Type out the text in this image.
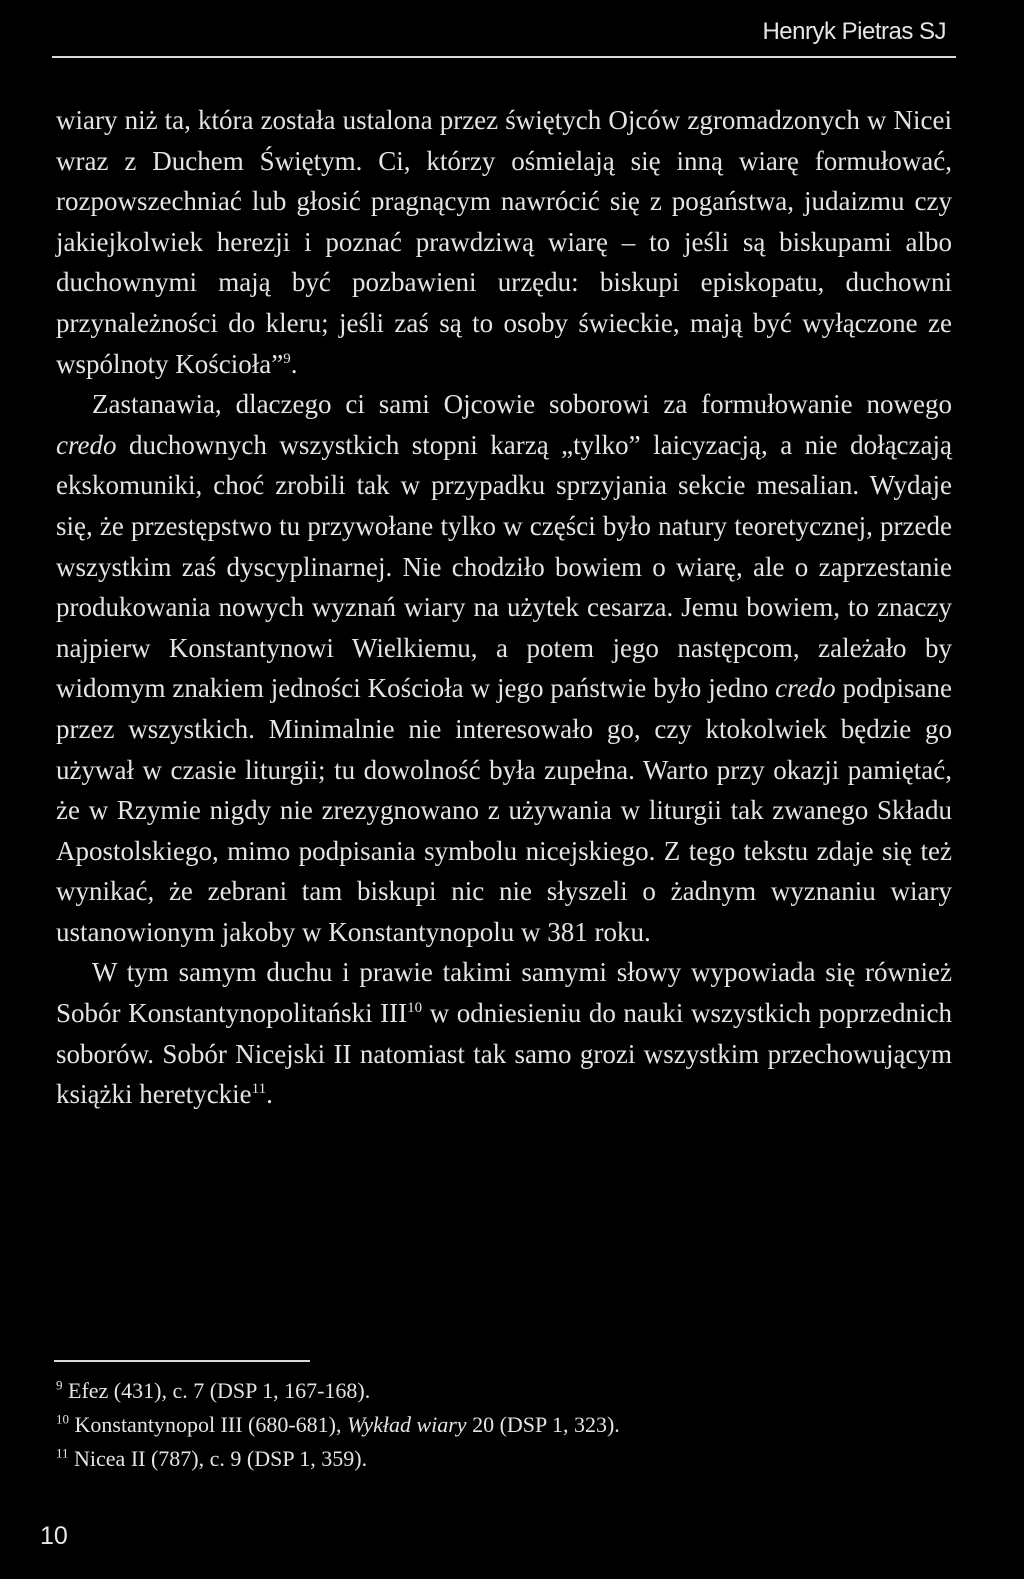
Henryk Pietras SJ

wiary niż ta, która została ustalona przez świętych Ojców zgromadzonych w Nicei wraz z Duchem Świętym. Ci, którzy ośmielają się inną wiarę formułować, rozpowszechniać lub głosić pragnącym nawrócić się z pogaństwa, judaizmu czy jakiejkolwiek herezji i poznać prawdziwą wiarę – to jeśli są biskupami albo duchownymi mają być pozbawieni urzędu: biskupi episkopatu, duchowni przynależności do kleru; jeśli zaś są to osoby świeckie, mają być wyłączone ze wspólnoty Kościoła”$^9$.

Zastanawia, dlaczego ci sami Ojcowie soborowi za formułowanie nowego credo duchownych wszystkich stopni karzą „tylko” laicyzacją, a nie dołączają ekskomuniki, choć zrobili tak w przypadku sprzyjania sekcie mesalian. Wydaje się, że przestępstwo tu przywołane tylko w części było natury teoretycznej, przede wszystkim zaś dyscyplinarnej. Nie chodziło bowiem o wiarę, ale o zaprzestanie produkowania nowych wyznań wiary na użytek cesarza. Jemu bowiem, to znaczy najpierw Konstantynowi Wielkiemu, a potem jego następcom, zależało by widomym znakiem jedności Kościoła w jego państwie było jedno credo podpisane przez wszystkich. Minimalnie nie interesowało go, czy ktokolwiek będzie go używał w czasie liturgii; tu dowolność była zupełna. Warto przy okazji pamiętać, że w Rzymie nigdy nie zrezygnowano z używania w liturgii tak zwanego Składu Apostolskiego, mimo podpisania symbolu nicejskiego. Z tego tekstu zdaje się też wynikać, że zebrani tam biskupi nic nie słyszeli o żadnym wyznaniu wiary ustanowionym jakoby w Konstantynopolu w 381 roku.

W tym samym duchu i prawie takimi samymi słowy wypowiada się również Sobór Konstantynopolitański III$^{10}$ w odniesieniu do nauki wszystkich poprzednich soborów. Sobór Nicejski II natomiast tak samo grozi wszystkim przechowującym książki heretyckie$^{11}$.

$^9$ Efez (431), c. 7 (DSP 1, 167-168).

$^{10}$ Konstantynopol III (680-681), Wykład wiary 20 (DSP 1, 323).

$^{11}$ Nicea II (787), c. 9 (DSP 1, 359).

10
